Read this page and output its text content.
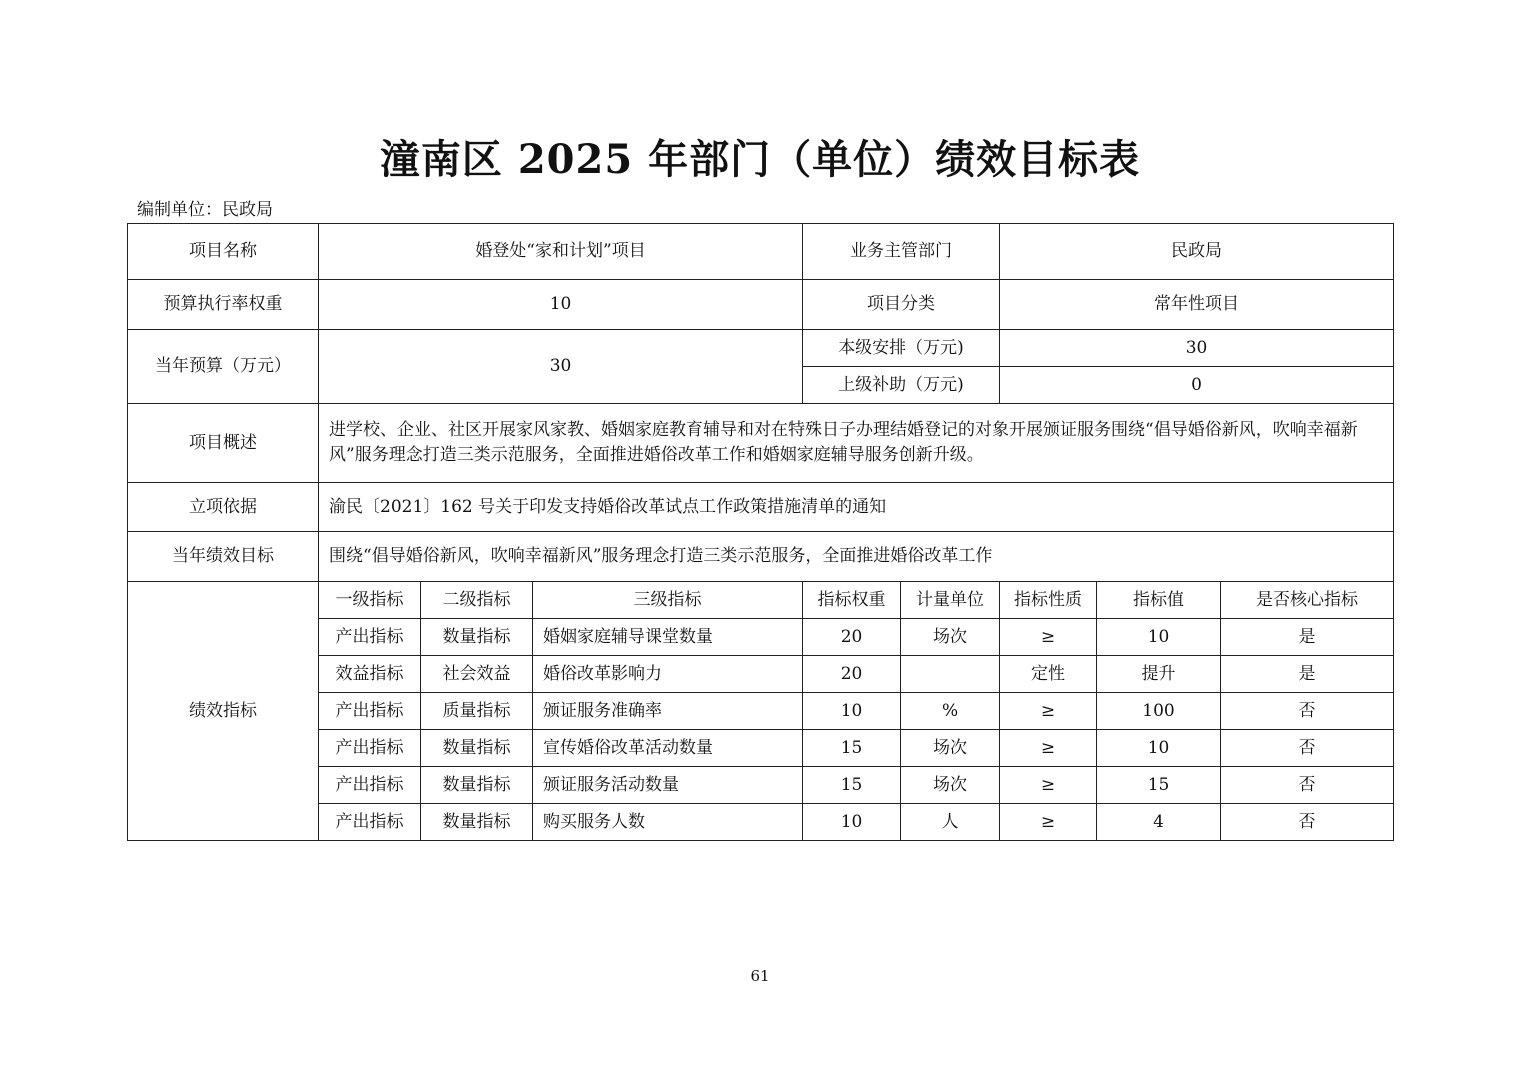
潼南区 2025 年部门（单位）绩效目标表
编制单位：民政局
项目名称	婚登处“家和计划”项目			业务主管部门		民政局		
预算执行率权重	10			项目分类		常年性项目		
当年预算（万元）	30			本级安排（万元)		30		
				上级补助（万元)		0		
项目概述	进学校、企业、社区开展家风家教、婚姻家庭教育辅导和对在特殊日子办理结婚登记的对象开展颁证服务围绕“倡导婚俗新风，吹响幸福新风”服务理念打造三类示范服务，全面推进婚俗改革工作和婚姻家庭辅导服务创新升级。							
立项依据	渝民〔2021〕162 号关于印发支持婚俗改革试点工作政策措施清单的通知							
当年绩效目标	围绕“倡导婚俗新风，吹响幸福新风”服务理念打造三类示范服务，全面推进婚俗改革工作							
绩效指标	一级指标	二级指标	三级指标	指标权重	计量单位	指标性质	指标值	是否核心指标
	产出指标	数量指标	婚姻家庭辅导课堂数量	20	场次	≥	10	是
	效益指标	社会效益	婚俗改革影响力	20		定性	提升	是
	产出指标	质量指标	颁证服务准确率	10	%	≥	100	否
	产出指标	数量指标	宣传婚俗改革活动数量	15	场次	≥	10	否
	产出指标	数量指标	颁证服务活动数量	15	场次	≥	15	否
	产出指标	数量指标	购买服务人数	10	人	≥	4	否
61
